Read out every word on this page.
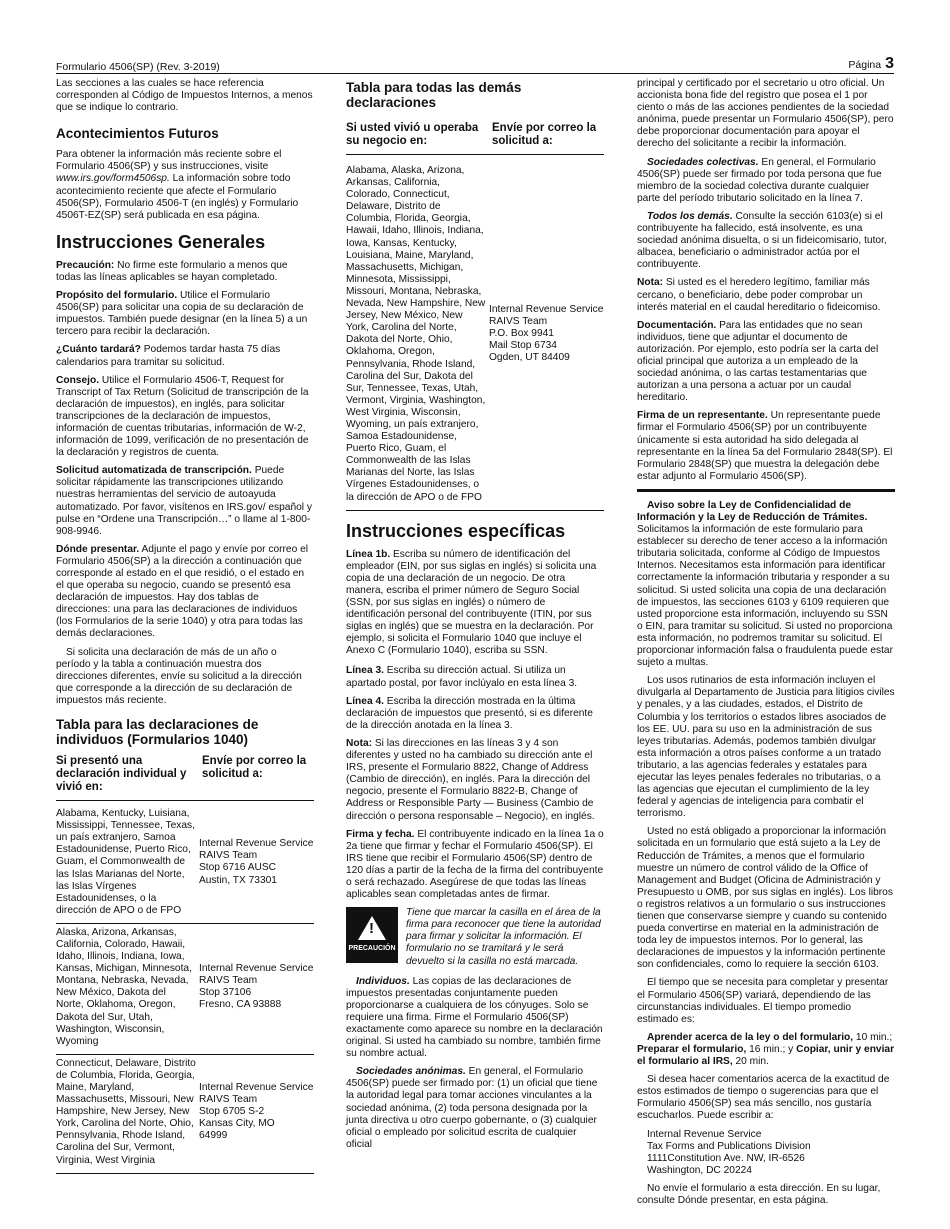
Formulario 4506(SP) (Rev. 3-2019)	Página 3

Las secciones a las cuales se hace referencia corresponden al Código de Impuestos Internos, a menos que se indique lo contrario.

Acontecimientos Futuros

Para obtener la información más reciente sobre el Formulario 4506(SP) y sus instrucciones, visite www.irs.gov/form4506sp. La información sobre todo acontecimiento reciente que afecte el Formulario 4506(SP), Formulario 4506-T (en inglés) y Formulario 4506T-EZ(SP) será publicada en esa página.

Instrucciones Generales

Precaución: No firme este formulario a menos que todas las líneas aplicables se hayan completado.

Propósito del formulario. Utilice el Formulario 4506(SP) para solicitar una copia de su declaración de impuestos. También puede designar (en la línea 5) a un tercero para recibir la declaración.

¿Cuánto tardará? Podemos tardar hasta 75 días calendarios para tramitar su solicitud.

Consejo. Utilice el Formulario 4506-T, Request for Transcript of Tax Return (Solicitud de transcripción de la declaración de impuestos), en inglés, para solicitar transcripciones de la declaración de impuestos, información de cuentas tributarias, información de W-2, información de 1099, verificación de no presentación de la declaración y registros de cuenta.

Solicitud automatizada de transcripción. Puede solicitar rápidamente las transcripciones utilizando nuestras herramientas del servicio de autoayuda automatizado. Por favor, visítenos en IRS.gov/ español y pulse en “Ordene una Transcripción…” o llame al 1-800-908-9946.

Dónde presentar. Adjunte el pago y envíe por correo el Formulario 4506(SP) a la dirección a continuación que corresponde al estado en el que residió, o el estado en el que operaba su negocio, cuando se presentó esa declaración de impuestos. Hay dos tablas de direcciones: una para las declaraciones de individuos (los Formularios de la serie 1040) y otra para todas las demás declaraciones.

Si solicita una declaración de más de un año o período y la tabla a continuación muestra dos direcciones diferentes, envíe su solicitud a la dirección que corresponde a la dirección de su declaración de impuestos más reciente.

Tabla para las declaraciones de individuos (Formularios 1040)
Si presentó una declaración individual y vivió en:
Envíe por correo la solicitud a:
Alabama, Kentucky, Luisiana, Mississippi, Tennessee, Texas, un país extranjero, Samoa Estadounidense, Puerto Rico, Guam, el Commonwealth de las Islas Marianas del Norte, las Islas Vírgenes Estadounidenses, o la dirección de APO o de FPO
Internal Revenue Service
RAIVS Team
Stop 6716 AUSC
Austin, TX 73301
Alaska, Arizona, Arkansas, California, Colorado, Hawaii, Idaho, Illinois, Indiana, Iowa, Kansas, Michigan, Minnesota, Montana, Nebraska, Nevada, New México, Dakota del Norte, Oklahoma, Oregon, Dakota del Sur, Utah, Washington, Wisconsin, Wyoming
Internal Revenue Service
RAIVS Team
Stop 37106
Fresno, CA 93888
Connecticut, Delaware, Distrito de Columbia, Florida, Georgia, Maine, Maryland, Massachusetts, Missouri, New Hampshire, New Jersey, New York, Carolina del Norte, Ohio, Pennsylvania, Rhode Island, Carolina del Sur, Vermont, Virginia, West Virginia
Internal Revenue Service
RAIVS Team
Stop 6705 S-2
Kansas City, MO
64999
Tabla para todas las demás declaraciones
Si usted vivió u operaba su negocio en:
Envíe por correo la solicitud a:
Alabama, Alaska, Arizona, Arkansas, California, Colorado, Connecticut, Delaware, Distrito de Columbia, Florida, Georgia, Hawaii, Idaho, Illinois, Indiana, Iowa, Kansas, Kentucky, Louisiana, Maine, Maryland, Massachusetts, Michigan, Minnesota, Mississippi, Missouri, Montana, Nebraska, Nevada, New Hampshire, New Jersey, New México, New York, Carolina del Norte, Dakota del Norte, Ohio, Oklahoma, Oregon, Pennsylvania, Rhode Island, Carolina del Sur, Dakota del Sur, Tennessee, Texas, Utah, Vermont, Virginia, Washington, West Virginia, Wisconsin, Wyoming, un país extranjero, Samoa Estadounidense, Puerto Rico, Guam, el Commonwealth de las Islas Marianas del Norte, las Islas Vírgenes Estadounidenses, o la dirección de APO o de FPO
Internal Revenue Service
RAIVS Team
P.O. Box 9941
Mail Stop 6734
Ogden, UT 84409
Instrucciones específicas

Línea 1b. Escriba su número de identificación del empleador (EIN, por sus siglas en inglés) si solicita una copia de una declaración de un negocio. De otra manera, escriba el primer número de Seguro Social (SSN, por sus siglas en inglés) o número de identificación personal del contribuyente (ITIN, por sus siglas en inglés) que se muestra en la declaración. Por ejemplo, si solicita el Formulario 1040 que incluye el Anexo C (Formulario 1040), escriba su SSN.

Línea 3. Escriba su dirección actual. Si utiliza un apartado postal, por favor inclúyalo en esta línea 3.

Línea 4. Escriba la dirección mostrada en la última declaración de impuestos que presentó, si es diferente de la dirección anotada en la línea 3.

Nota: Si las direcciones en las líneas 3 y 4 son diferentes y usted no ha cambiado su dirección ante el IRS, presente el Formulario 8822, Change of Address (Cambio de dirección), en inglés. Para la dirección del negocio, presente el Formulario 8822-B, Change of Address or Responsible Party — Business (Cambio de dirección o persona responsable – Negocio), en inglés.

Firma y fecha. El contribuyente indicado en la línea 1a o 2a tiene que firmar y fechar el Formulario 4506(SP). El IRS tiene que recibir el Formulario 4506(SP) dentro de 120 días a partir de la fecha de la firma del contribuyente o será rechazado. Asegúrese de que todas las líneas aplicables sean completadas antes de firmar.

!
PRECAUCIÓN
Tiene que marcar la casilla en el área de la firma para reconocer que tiene la autoridad para firmar y solicitar la información. El formulario no se tramitará y le será devuelto si la casilla no está marcada.

Individuos. Las copias de las declaraciones de impuestos presentadas conjuntamente pueden proporcionarse a cualquiera de los cónyuges. Solo se requiere una firma. Firme el Formulario 4506(SP) exactamente como aparece su nombre en la declaración original. Si usted ha cambiado su nombre, también firme su nombre actual.

Sociedades anónimas. En general, el Formulario 4506(SP) puede ser firmado por: (1) un oficial que tiene la autoridad legal para tomar acciones vinculantes a la sociedad anónima, (2) toda persona designada por la junta directiva u otro cuerpo gobernante, o (3) cualquier oficial o empleado por solicitud escrita de cualquier oficial

principal y certificado por el secretario u otro oficial. Un accionista bona fide del registro que posea el 1 por ciento o más de las acciones pendientes de la sociedad anónima, puede presentar un Formulario 4506(SP), pero debe proporcionar documentación para apoyar el derecho del solicitante a recibir la información.

Sociedades colectivas. En general, el Formulario 4506(SP) puede ser firmado por toda persona que fue miembro de la sociedad colectiva durante cualquier parte del período tributario solicitado en la línea 7.

Todos los demás. Consulte la sección 6103(e) si el contribuyente ha fallecido, está insolvente, es una sociedad anónima disuelta, o si un fideicomisario, tutor, albacea, beneficiario o administrador actúa por el contribuyente.

Nota: Si usted es el heredero legítimo, familiar más cercano, o beneficiario, debe poder comprobar un interés material en el caudal hereditario o fideicomiso.

Documentación. Para las entidades que no sean individuos, tiene que adjuntar el documento de autorización. Por ejemplo, esto podría ser la carta del oficial principal que autoriza a un empleado de la sociedad anónima, o las cartas testamentarias que autorizan a una persona a actuar por un caudal hereditario.

Firma de un representante. Un representante puede firmar el Formulario 4506(SP) por un contribuyente únicamente si esta autoridad ha sido delegada al representante en la línea 5a del Formulario 2848(SP). El Formulario 2848(SP) que muestra la delegación debe estar adjunto al Formulario 4506(SP).

Aviso sobre la Ley de Confidencialidad de Información y la Ley de Reducción de Trámites. Solicitamos la información de este formulario para establecer su derecho de tener acceso a la información tributaria solicitada, conforme al Código de Impuestos Internos. Necesitamos esta información para identificar correctamente la información tributaria y responder a su solicitud. Si usted solicita una copia de una declaración de impuestos, las secciones 6103 y 6109 requieren que usted proporcione esta información, incluyendo su SSN o EIN, para tramitar su solicitud. Si usted no proporciona esta información, no podremos tramitar su solicitud. El proporcionar información falsa o fraudulenta puede estar sujeto a multas.

Los usos rutinarios de esta información incluyen el divulgarla al Departamento de Justicia para litigios civiles y penales, y a las ciudades, estados, el Distrito de Columbia y los territorios o estados libres asociados de los EE. UU. para su uso en la administración de sus leyes tributarias. Además, podemos también divulgar esta información a otros países conforme a un tratado tributario, a las agencias federales y estatales para ejecutar las leyes penales federales no tributarias, o a las agencias que ejecutan el cumplimiento de la ley federal y agencias de inteligencia para combatir el terrorismo.

Usted no está obligado a proporcionar la información solicitada en un formulario que está sujeto a la Ley de Reducción de Trámites, a menos que el formulario muestre un número de control válido de la Office of Management and Budget (Oficina de Administración y Presupuesto u OMB, por sus siglas en inglés). Los libros o registros relativos a un formulario o sus instrucciones tienen que conservarse siempre y cuando su contenido pueda convertirse en material en la administración de toda ley de impuestos internos. Por lo general, las declaraciones de impuestos y la información pertinente son confidenciales, como lo requiere la sección 6103.

El tiempo que se necesita para completar y presentar el Formulario 4506(SP) variará, dependiendo de las circunstancias individuales. El tiempo promedio estimado es:

Aprender acerca de la ley o del formulario, 10 min.; Preparar el formulario, 16 min.; y Copiar, unir y enviar el formulario al IRS, 20 min.

Si desea hacer comentarios acerca de la exactitud de estos estimados de tiempo o sugerencias para que el Formulario 4506(SP) sea más sencillo, nos gustaría escucharlos. Puede escribir a:

Internal Revenue Service
Tax Forms and Publications Division
1111Constitution Ave. NW, IR-6526
Washington, DC 20224

No envíe el formulario a esta dirección. En su lugar, consulte Dónde presentar, en esta página.
